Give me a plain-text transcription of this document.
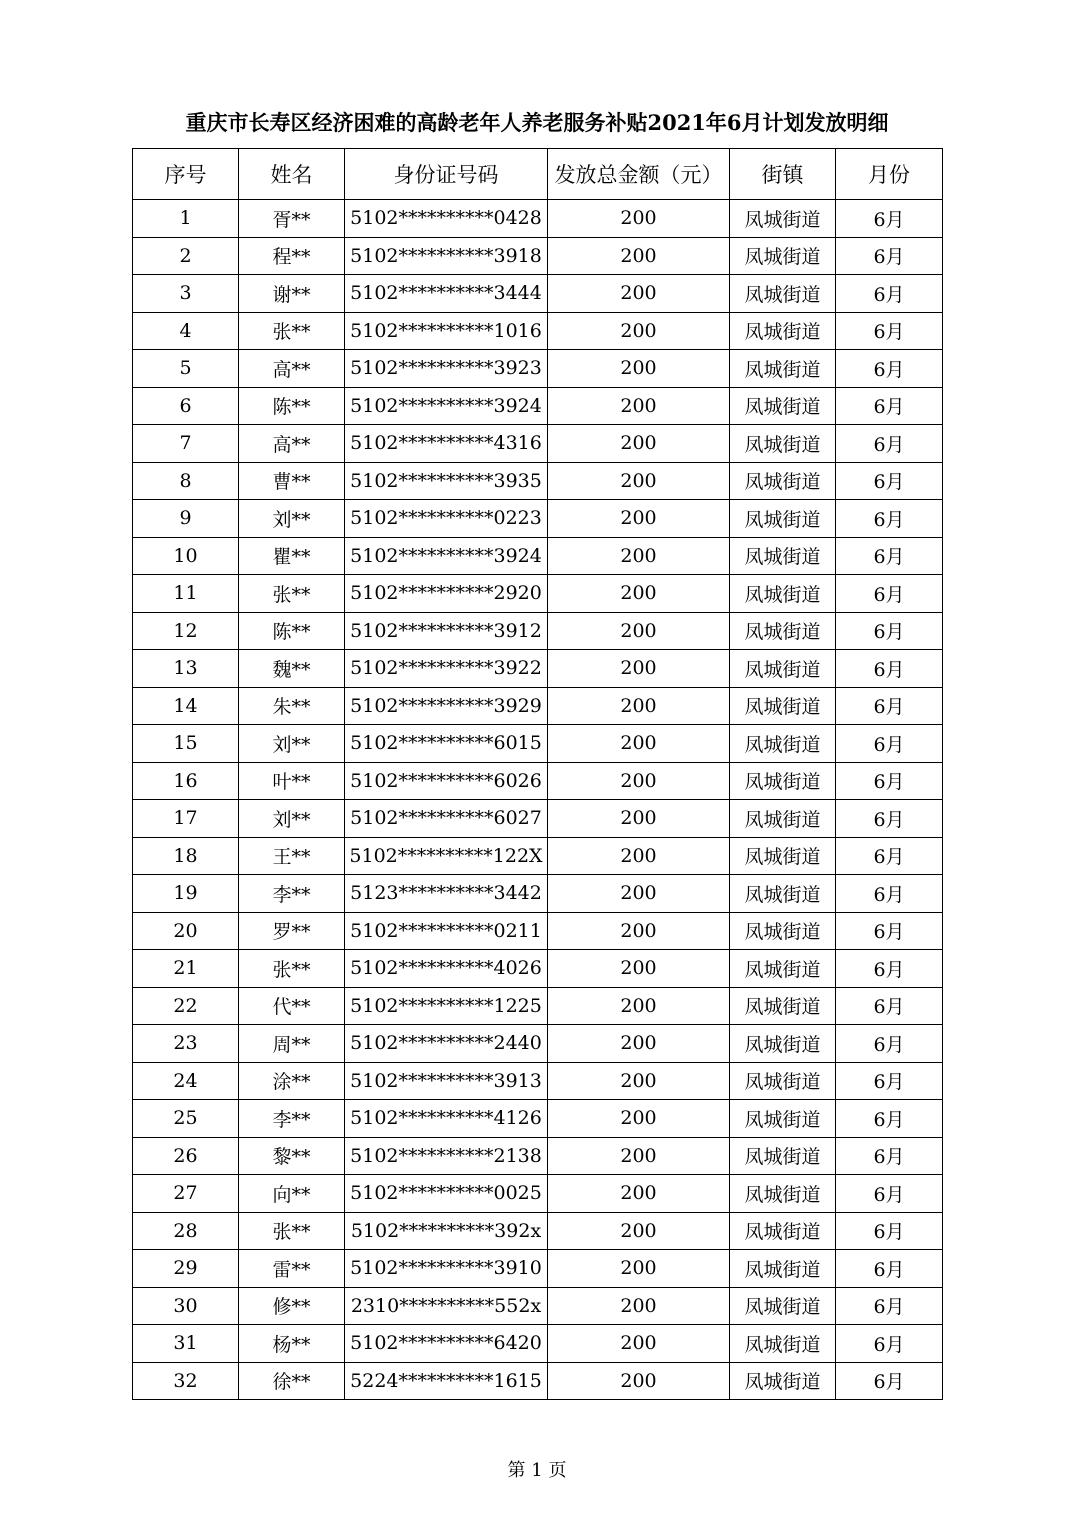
重庆市长寿区经济困难的高龄老年人养老服务补贴2021年6月计划发放明细
序号	姓名	身份证号码	发放总金额（元）	街镇	月份
1	胥**	5102**********0428	200	凤城街道	6月
2	程**	5102**********3918	200	凤城街道	6月
3	谢**	5102**********3444	200	凤城街道	6月
4	张**	5102**********1016	200	凤城街道	6月
5	高**	5102**********3923	200	凤城街道	6月
6	陈**	5102**********3924	200	凤城街道	6月
7	高**	5102**********4316	200	凤城街道	6月
8	曹**	5102**********3935	200	凤城街道	6月
9	刘**	5102**********0223	200	凤城街道	6月
10	瞿**	5102**********3924	200	凤城街道	6月
11	张**	5102**********2920	200	凤城街道	6月
12	陈**	5102**********3912	200	凤城街道	6月
13	魏**	5102**********3922	200	凤城街道	6月
14	朱**	5102**********3929	200	凤城街道	6月
15	刘**	5102**********6015	200	凤城街道	6月
16	叶**	5102**********6026	200	凤城街道	6月
17	刘**	5102**********6027	200	凤城街道	6月
18	王**	5102**********122X	200	凤城街道	6月
19	李**	5123**********3442	200	凤城街道	6月
20	罗**	5102**********0211	200	凤城街道	6月
21	张**	5102**********4026	200	凤城街道	6月
22	代**	5102**********1225	200	凤城街道	6月
23	周**	5102**********2440	200	凤城街道	6月
24	涂**	5102**********3913	200	凤城街道	6月
25	李**	5102**********4126	200	凤城街道	6月
26	黎**	5102**********2138	200	凤城街道	6月
27	向**	5102**********0025	200	凤城街道	6月
28	张**	5102**********392x	200	凤城街道	6月
29	雷**	5102**********3910	200	凤城街道	6月
30	修**	2310**********552x	200	凤城街道	6月
31	杨**	5102**********6420	200	凤城街道	6月
32	徐**	5224**********1615	200	凤城街道	6月
第 1 页
